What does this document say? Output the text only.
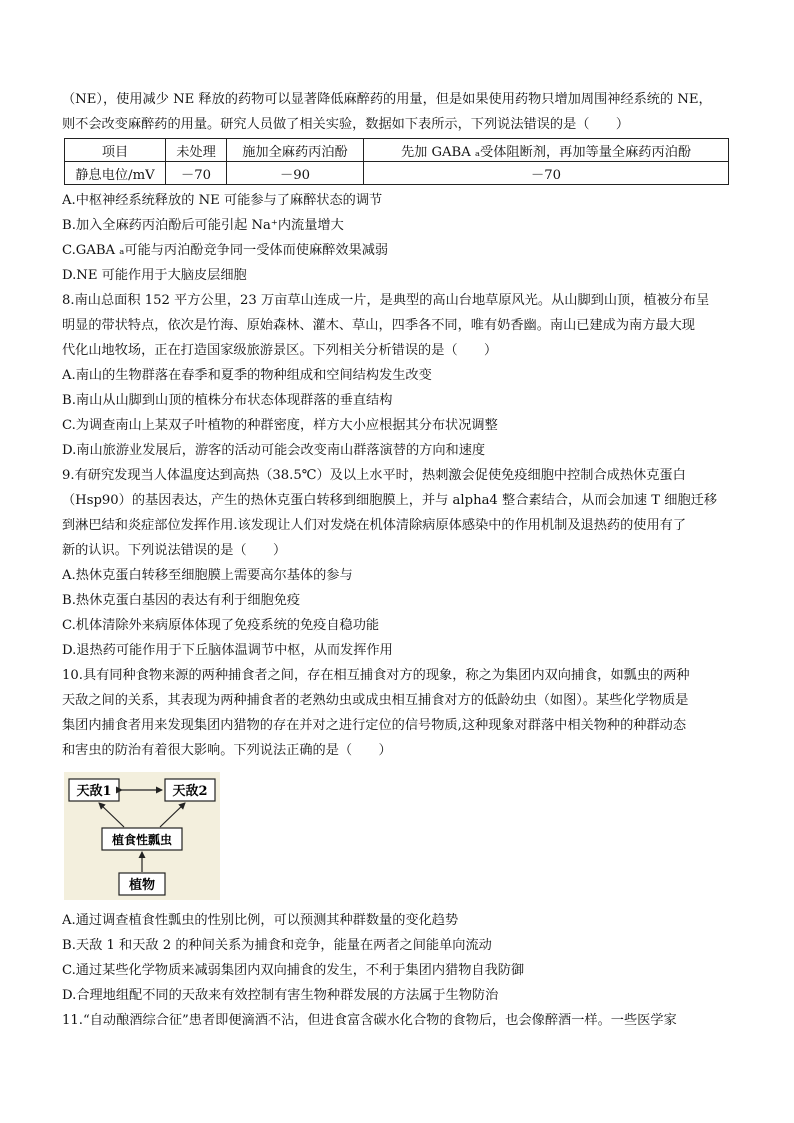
（NE），使用减少 NE 释放的药物可以显著降低麻醉药的用量，但是如果使用药物只增加周围神经系统的 NE，
则不会改变麻醉药的用量。研究人员做了相关实验，数据如下表所示，下列说法错误的是（　　）
项目	未处理	施加全麻药丙泊酚	先加 GABA ₐ受体阻断剂，再加等量全麻药丙泊酚
静息电位/mV	－70	－90	－70
A.中枢神经系统释放的 NE 可能参与了麻醉状态的调节
B.加入全麻药丙泊酚后可能引起 Na⁺内流量增大
C.GABA ₐ可能与丙泊酚竞争同一受体而使麻醉效果减弱
D.NE 可能作用于大脑皮层细胞
8.南山总面积 152 平方公里，23 万亩草山连成一片，是典型的高山台地草原风光。从山脚到山顶，植被分布呈
明显的带状特点，依次是竹海、原始森林、灌木、草山，四季各不同，唯有奶香幽。南山已建成为南方最大现
代化山地牧场，正在打造国家级旅游景区。下列相关分析错误的是（　　）
A.南山的生物群落在春季和夏季的物种组成和空间结构发生改变
B.南山从山脚到山顶的植株分布状态体现群落的垂直结构
C.为调查南山上某双子叶植物的种群密度，样方大小应根据其分布状况调整
D.南山旅游业发展后，游客的活动可能会改变南山群落演替的方向和速度
9.有研究发现当人体温度达到高热（38.5℃）及以上水平时，热刺激会促使免疫细胞中控制合成热休克蛋白
（Hsp90）的基因表达，产生的热休克蛋白转移到细胞膜上，并与 alpha4 整合素结合，从而会加速 T 细胞迁移
到淋巴结和炎症部位发挥作用.该发现让人们对发烧在机体清除病原体感染中的作用机制及退热药的使用有了
新的认识。下列说法错误的是（　　）
A.热休克蛋白转移至细胞膜上需要高尔基体的参与
B.热休克蛋白基因的表达有利于细胞免疫
C.机体清除外来病原体体现了免疫系统的免疫自稳功能
D.退热药可能作用于下丘脑体温调节中枢，从而发挥作用
10.具有同种食物来源的两种捕食者之间，存在相互捕食对方的现象，称之为集团内双向捕食，如瓢虫的两种
天敌之间的关系，其表现为两种捕食者的老熟幼虫或成虫相互捕食对方的低龄幼虫（如图）。某些化学物质是
集团内捕食者用来发现集团内猎物的存在并对之进行定位的信号物质,这种现象对群落中相关物种的种群动态
和害虫的防治有着很大影响。下列说法正确的是（　　）
天敌1	天敌2
植食性瓢虫
植物
A.通过调查植食性瓢虫的性别比例，可以预测其种群数量的变化趋势
B.天敌 1 和天敌 2 的种间关系为捕食和竞争，能量在两者之间能单向流动
C.通过某些化学物质来减弱集团内双向捕食的发生，不利于集团内猎物自我防御
D.合理地组配不同的天敌来有效控制有害生物种群发展的方法属于生物防治
11.“自动酿酒综合征”患者即便滴酒不沾，但进食富含碳水化合物的食物后，也会像醉酒一样。一些医学家
